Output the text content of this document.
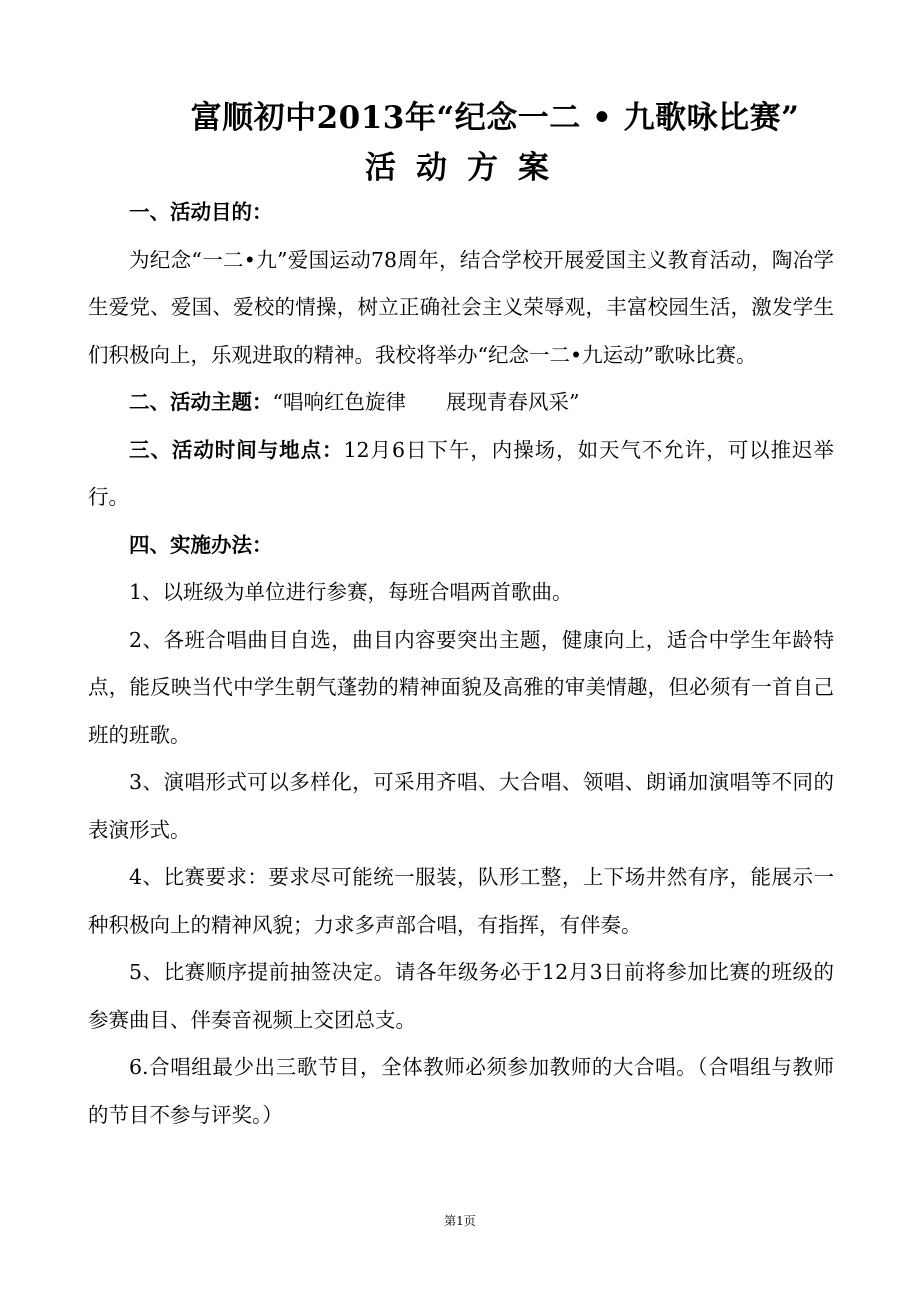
富顺初中2013年“纪念一二 • 九歌咏比赛”
活动方案

一、活动目的：

为纪念“一二•九”爱国运动78周年，结合学校开展爱国主义教育活动，陶冶学生爱党、爱国、爱校的情操，树立正确社会主义荣辱观，丰富校园生活，激发学生们积极向上，乐观进取的精神。我校将举办“纪念一二•九运动”歌咏比赛。

二、活动主题：“唱响红色旋律 展现青春风采”

三、活动时间与地点：12月6日下午，内操场，如天气不允许，可以推迟举行。

四、实施办法：

1、以班级为单位进行参赛，每班合唱两首歌曲。

2、各班合唱曲目自选，曲目内容要突出主题，健康向上，适合中学生年龄特点，能反映当代中学生朝气蓬勃的精神面貌及高雅的审美情趣，但必须有一首自己班的班歌。

3、演唱形式可以多样化，可采用齐唱、大合唱、领唱、朗诵加演唱等不同的表演形式。

4、比赛要求：要求尽可能统一服装，队形工整，上下场井然有序，能展示一种积极向上的精神风貌；力求多声部合唱，有指挥，有伴奏。

5、比赛顺序提前抽签决定。请各年级务必于12月3日前将参加比赛的班级的参赛曲目、伴奏音视频上交团总支。

6.合唱组最少出三歌节目，全体教师必须参加教师的大合唱。（合唱组与教师的节目不参与评奖。）

第1页
